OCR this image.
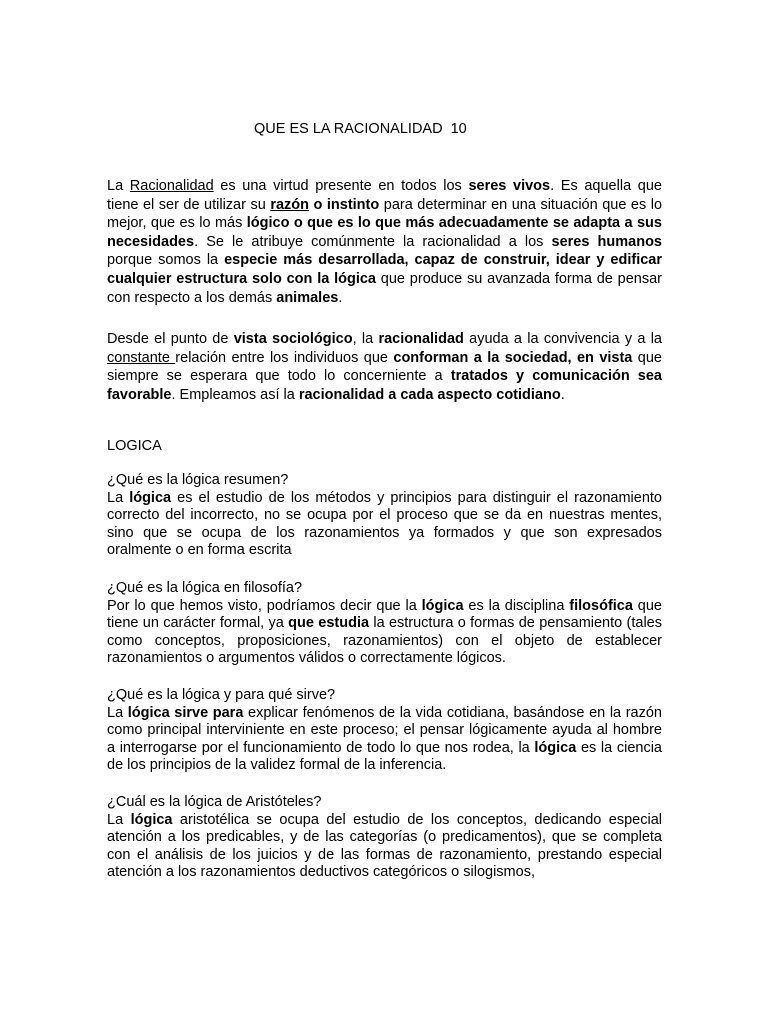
QUE ES LA RACIONALIDAD  10

La Racionalidad es una virtud presente en todos los seres vivos. Es aquella que tiene el ser de utilizar su razón o instinto para determinar en una situación que es lo mejor, que es lo más lógico o que es lo que más adecuadamente se adapta a sus necesidades. Se le atribuye comúnmente la racionalidad a los seres humanos porque somos la especie más desarrollada, capaz de construir, idear y edificar cualquier estructura solo con la lógica que produce su avanzada forma de pensar con respecto a los demás animales.

Desde el punto de vista sociológico, la racionalidad ayuda a la convivencia y a la constante relación entre los individuos que conforman a la sociedad, en vista que siempre se esperara que todo lo concerniente a tratados y comunicación sea favorable. Empleamos así la racionalidad a cada aspecto cotidiano.

LOGICA

¿Qué es la lógica resumen?

La lógica es el estudio de los métodos y principios para distinguir el razonamiento correcto del incorrecto, no se ocupa por el proceso que se da en nuestras mentes, sino que se ocupa de los razonamientos ya formados y que son expresados oralmente o en forma escrita

¿Qué es la lógica en filosofía?

Por lo que hemos visto, podríamos decir que la lógica es la disciplina filosófica que tiene un carácter formal, ya que estudia la estructura o formas de pensamiento (tales como conceptos, proposiciones, razonamientos) con el objeto de establecer razonamientos o argumentos válidos o correctamente lógicos.

¿Qué es la lógica y para qué sirve?

La lógica sirve para explicar fenómenos de la vida cotidiana, basándose en la razón como principal interviniente en este proceso; el pensar lógicamente ayuda al hombre a interrogarse por el funcionamiento de todo lo que nos rodea, la lógica es la ciencia de los principios de la validez formal de la inferencia.

¿Cuál es la lógica de Aristóteles?

La lógica aristotélica se ocupa del estudio de los conceptos, dedicando especial atención a los predicables, y de las categorías (o predicamentos), que se completa con el análisis de los juicios y de las formas de razonamiento, prestando especial atención a los razonamientos deductivos categóricos o silogismos,
